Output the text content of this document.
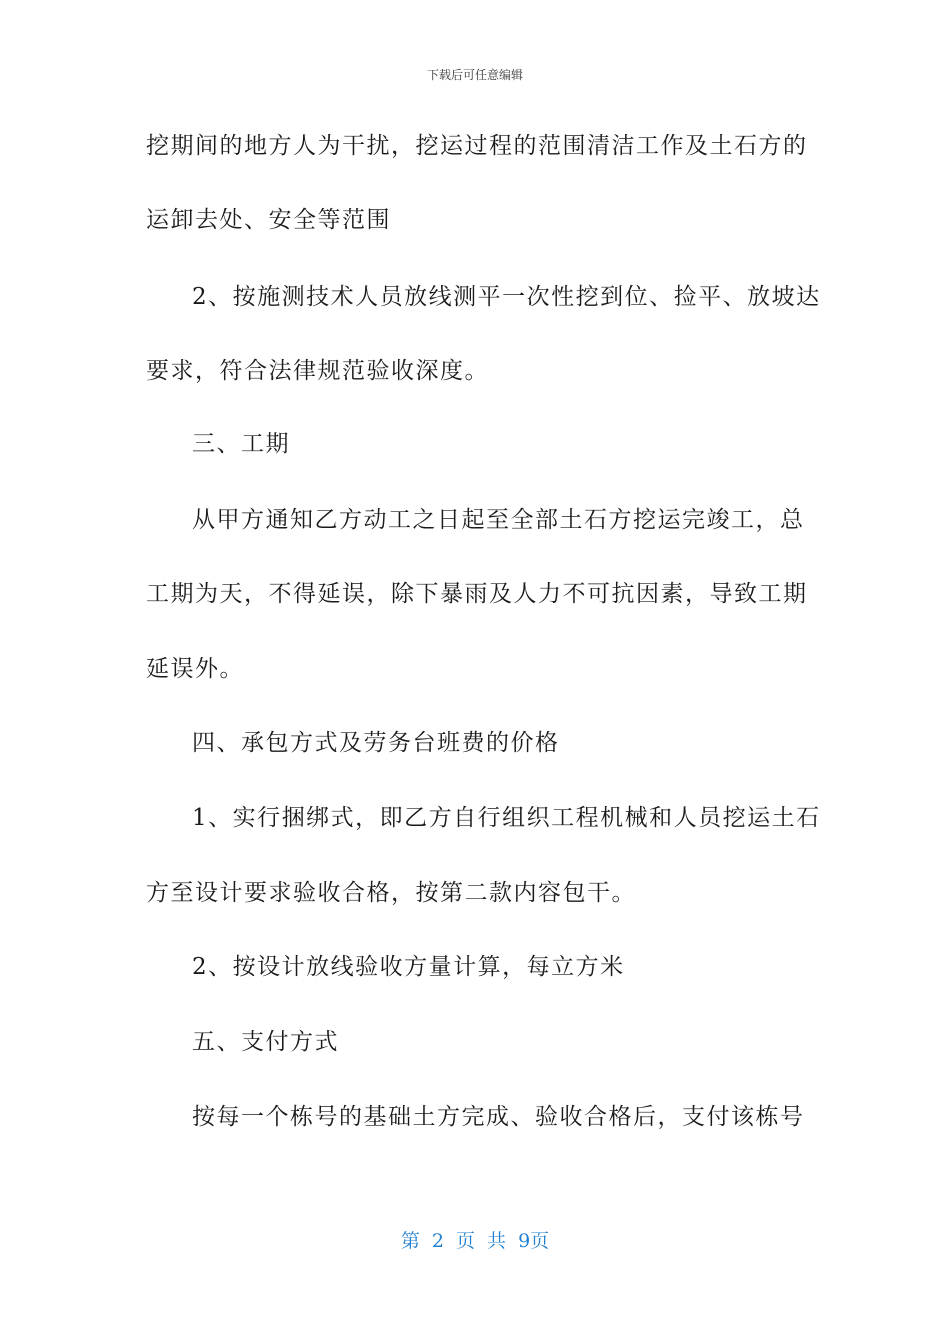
下载后可任意编辑
挖期间的地方人为干扰，挖运过程的范围清洁工作及土石方的
运卸去处、安全等范围
2、按施测技术人员放线测平一次性挖到位、捡平、放坡达
要求，符合法律规范验收深度。
三、工期
从甲方通知乙方动工之日起至全部土石方挖运完竣工，总
工期为天，不得延误，除下暴雨及人力不可抗因素，导致工期
延误外。
四、承包方式及劳务台班费的价格
1、实行捆绑式，即乙方自行组织工程机械和人员挖运土石
方至设计要求验收合格，按第二款内容包干。
2、按设计放线验收方量计算，每立方米
五、支付方式
按每一个栋号的基础土方完成、验收合格后，支付该栋号
第 2 页 共 9页
